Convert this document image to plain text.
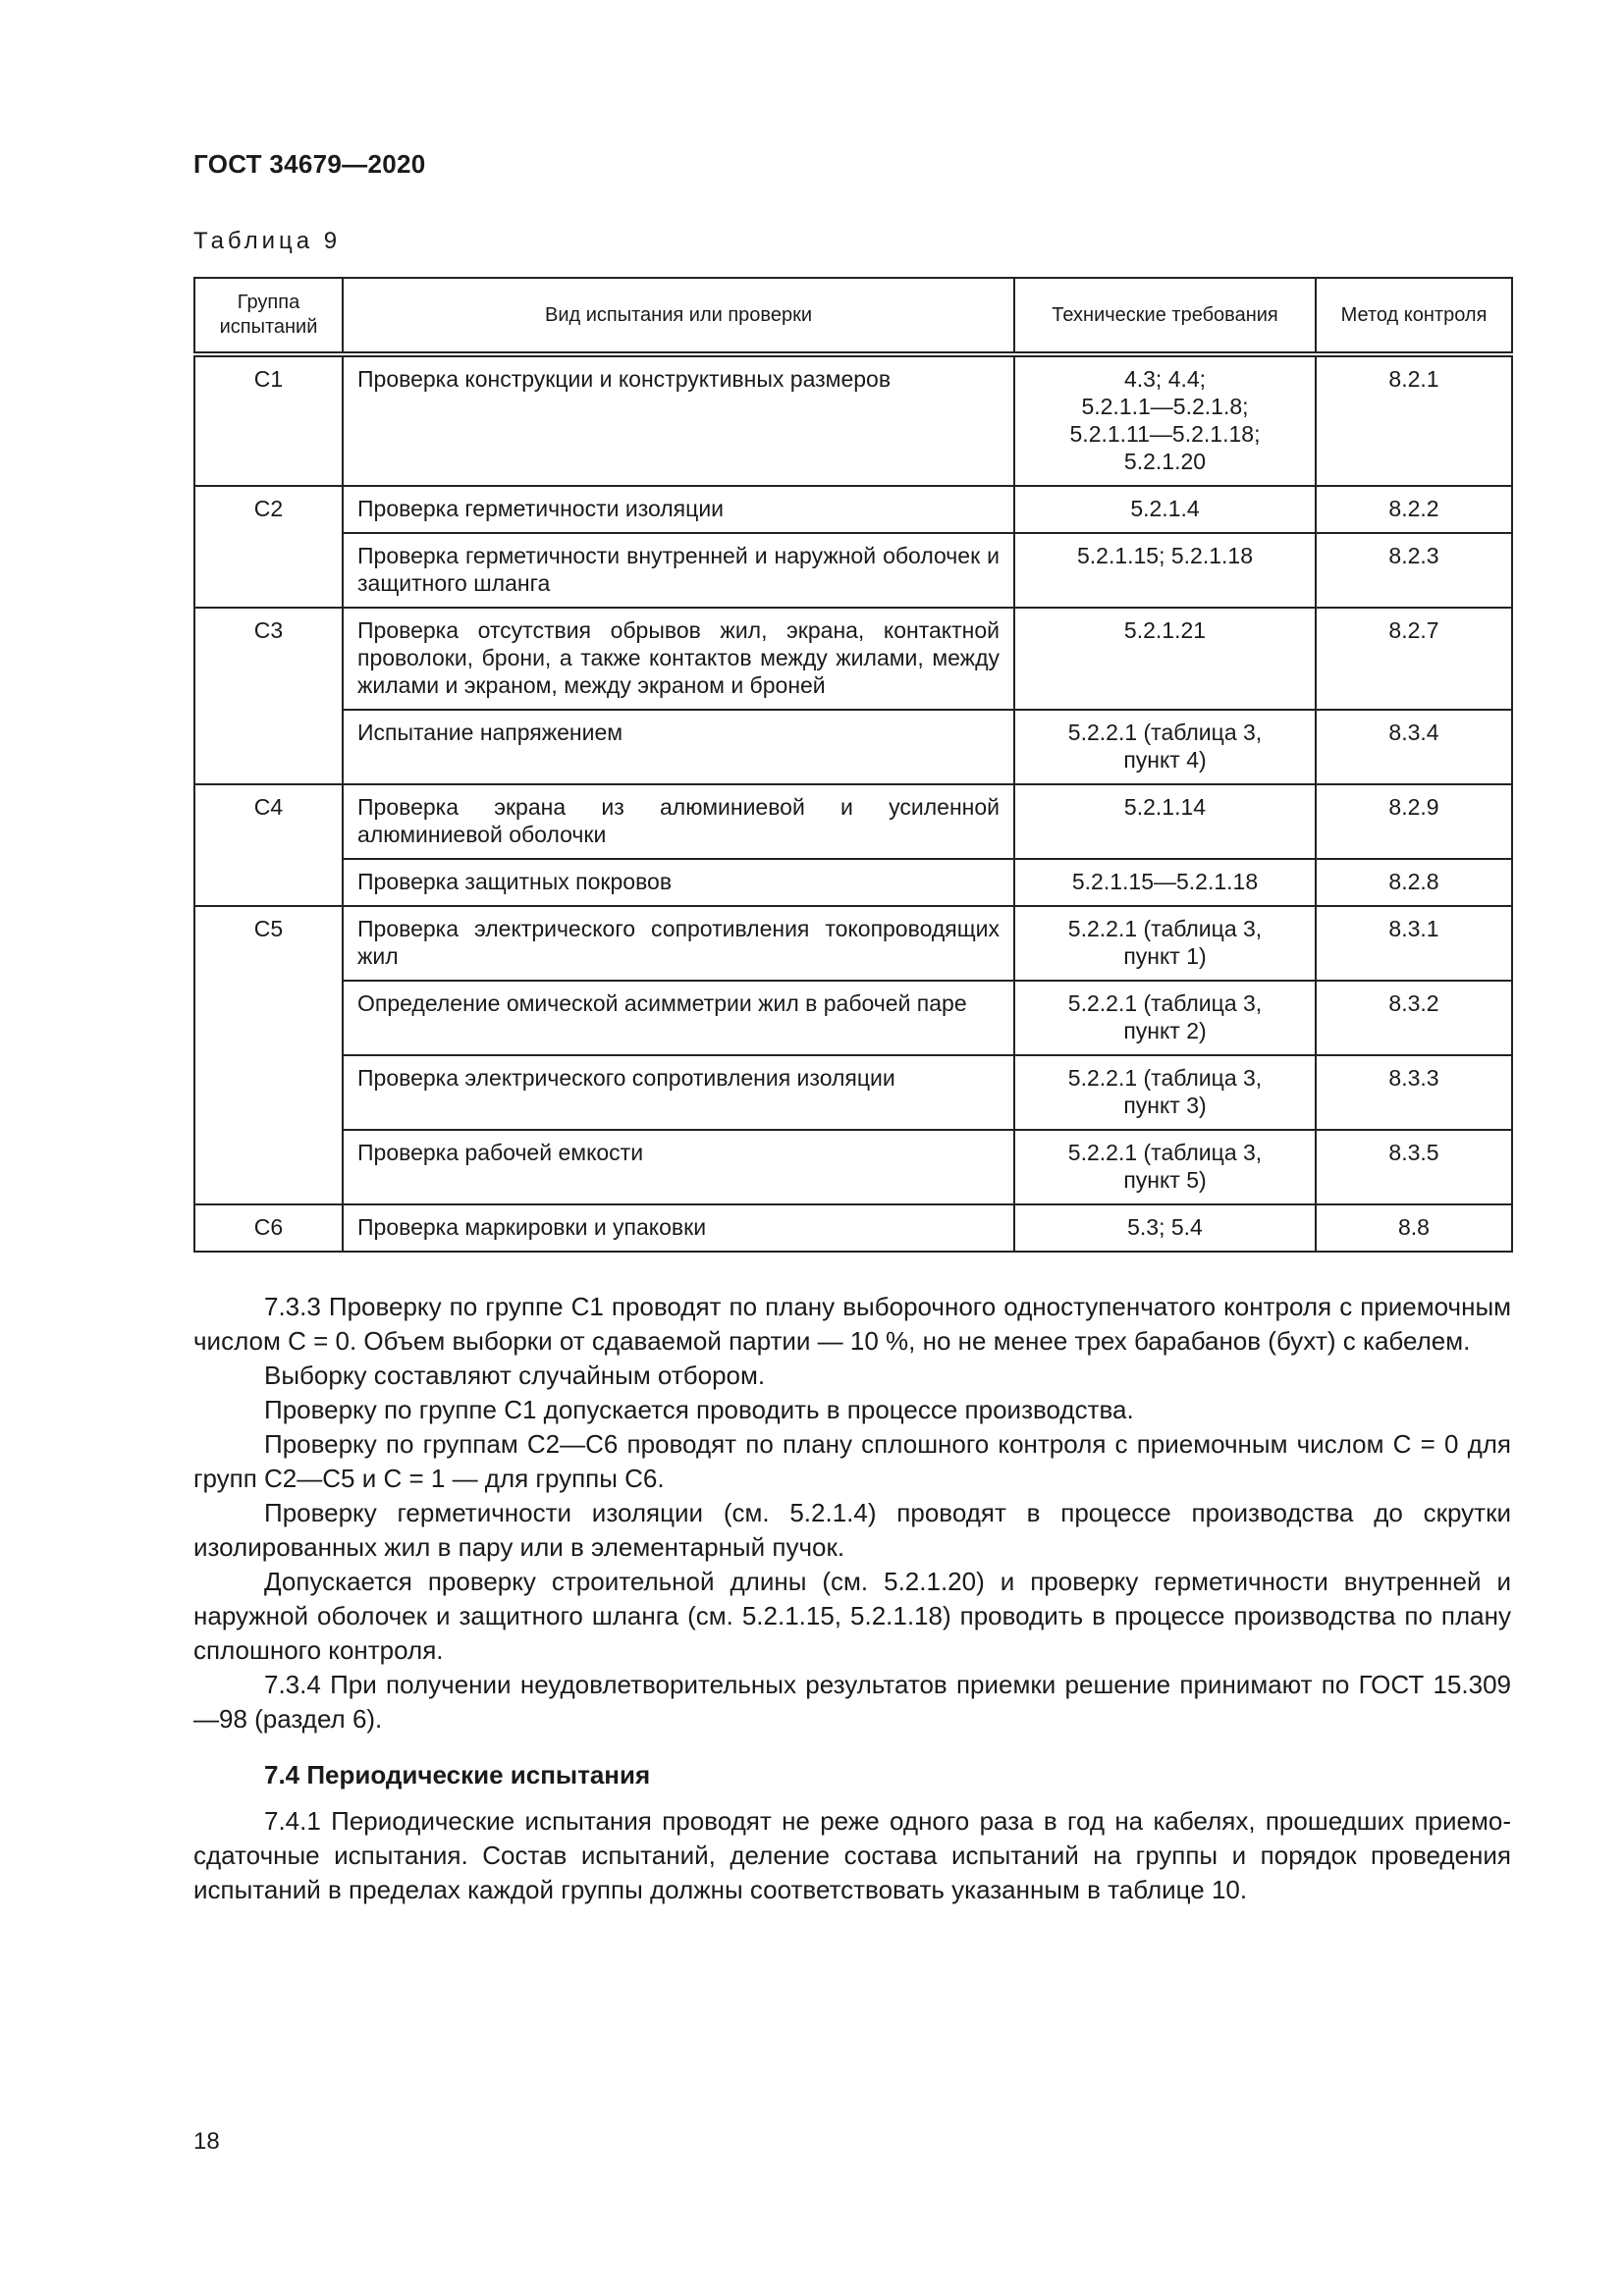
ГОСТ 34679—2020
Таблица 9
Группа испытаний	Вид испытания или проверки	Технические требования	Метод контроля
С1	Проверка конструкции и конструктивных размеров	4.3; 4.4;
5.2.1.1—5.2.1.8;
5.2.1.11—5.2.1.18;
5.2.1.20	8.2.1
С2	Проверка герметичности изоляции	5.2.1.4	8.2.2
	Проверка герметичности внутренней и наружной оболочек и защитного шланга	5.2.1.15; 5.2.1.18	8.2.3
С3	Проверка отсутствия обрывов жил, экрана, контактной проволоки, брони, а также контактов между жилами, между жилами и экраном, между экраном и броней	5.2.1.21	8.2.7
	Испытание напряжением	5.2.2.1 (таблица 3,
пункт 4)	8.3.4
С4	Проверка экрана из алюминиевой и усиленной алюминиевой оболочки	5.2.1.14	8.2.9
	Проверка защитных покровов	5.2.1.15—5.2.1.18	8.2.8
С5	Проверка электрического сопротивления токопроводящих жил	5.2.2.1 (таблица 3,
пункт 1)	8.3.1
	Определение омической асимметрии жил в рабочей паре	5.2.2.1 (таблица 3,
пункт 2)	8.3.2
	Проверка электрического сопротивления изоляции	5.2.2.1 (таблица 3,
пункт 3)	8.3.3
	Проверка рабочей емкости	5.2.2.1 (таблица 3,
пункт 5)	8.3.5
С6	Проверка маркировки и упаковки	5.3; 5.4	8.8

7.3.3 Проверку по группе С1 проводят по плану выборочного одноступенчатого контроля с приемочным числом С = 0. Объем выборки от сдаваемой партии — 10 %, но не менее трех барабанов (бухт) с кабелем.

Выборку составляют случайным отбором.

Проверку по группе С1 допускается проводить в процессе производства.

Проверку по группам С2—С6 проводят по плану сплошного контроля с приемочным числом С = 0 для групп С2—С5 и С = 1 — для группы С6.

Проверку герметичности изоляции (см. 5.2.1.4) проводят в процессе производства до скрутки изолированных жил в пару или в элементарный пучок.

Допускается проверку строительной длины (см. 5.2.1.20) и проверку герметичности внутренней и наружной оболочек и защитного шланга (см. 5.2.1.15, 5.2.1.18) проводить в процессе производства по плану сплошного контроля.

7.3.4 При получении неудовлетворительных результатов приемки решение принимают по ГОСТ 15.309—98 (раздел 6).

7.4 Периодические испытания

7.4.1 Периодические испытания проводят не реже одного раза в год на кабелях, прошедших приемо-сдаточные испытания. Состав испытаний, деление состава испытаний на группы и порядок проведения испытаний в пределах каждой группы должны соответствовать указанным в таблице 10.

18
